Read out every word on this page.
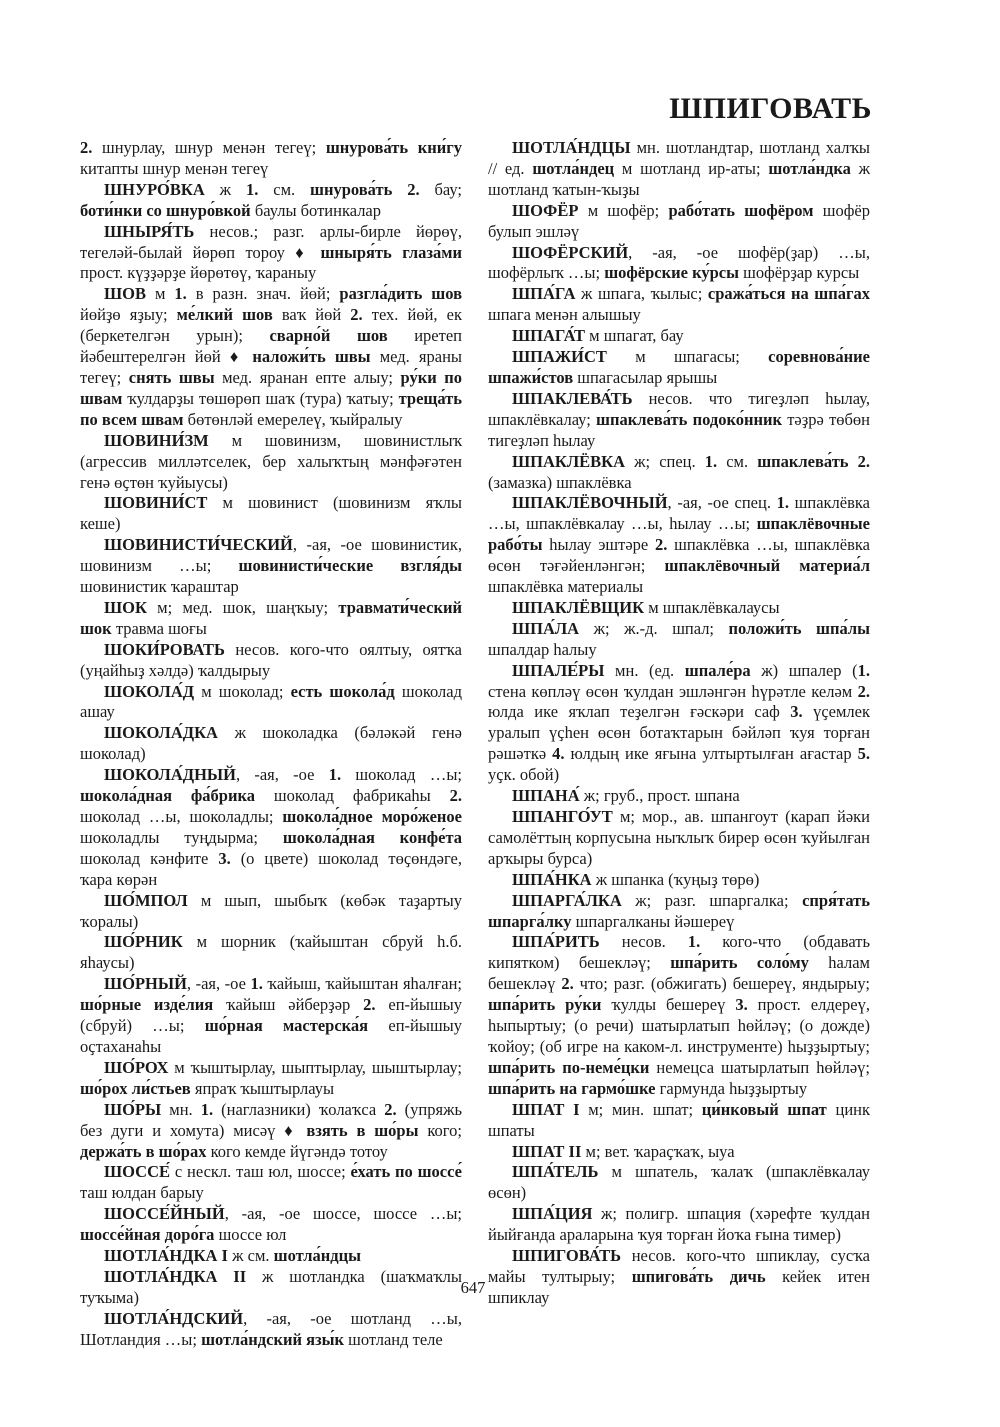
ШПИГОВАТЬ

2. шнурлау, шнур менән тегеү; шнурова́ть кни́гу китапты шнур менән тегеү

ШНУРО́ВКА ж 1. см. шнурова́ть 2. бау; боти́нки со шнуро́вкой баулы ботинкалар

ШНЫРЯ́ТЬ несов.; разг. арлы-бирле йөрөү, тегеләй-былай йөрөп тороу ♦ шныря́ть глаза́ми прост. күҙҙәрҙе йөрөтөү, ҡараныу

ШОВ м 1. в разн. знач. йөй; разгла́дить шов йөйҙө яҙыу; ме́лкий шов ваҡ йөй 2. тех. йөй, ек (беркетелгән урын); сварно́й шов иретеп йәбештерелгән йөй ♦ наложи́ть швы мед. яраны тегеү; снять швы мед. яранан епте алыу; ру́ки по швам ҡулдарҙы төшөрөп шаҡ (тура) ҡатыу; треща́ть по всем швам бөтөнләй емерелеү, ҡыйралыу

ШОВИНИ́ЗМ м шовинизм, шовинистлыҡ (агрессив милләтселек, бер халыҡтың мәнфәғәтен генә өҫтөн ҡуйыусы)

ШОВИНИ́СТ м шовинист (шовинизм яҡлы кеше)

ШОВИНИСТИ́ЧЕСКИЙ, -ая, -ое шовинистик, шовинизм …ы; шовинисти́ческие взгля́ды шовинистик ҡараштар

ШОК м; мед. шок, шаңҡыу; травмати́ческий шок травма шоғы

ШОКИ́РОВАТЬ несов. кого-что оялтыу, оятҡа (уңайһыҙ хәлдә) ҡалдырыу

ШОКОЛА́Д м шоколад; есть шокола́д шоколад ашау

ШОКОЛА́ДКА ж шоколадка (бәләкәй генә шоколад)

ШОКОЛА́ДНЫЙ, -ая, -ое 1. шоколад …ы; шокола́дная фа́брика шоколад фабрикаһы 2. шоколад …ы, шоколадлы; шокола́дное моро́женое шоколадлы туңдырма; шокола́дная конфе́та шоколад кәнфите 3. (о цвете) шоколад төҫөндәге, ҡара көрән

ШО́МПОЛ м шып, шыбыҡ (көбәк таҙартыу ҡоралы)

ШО́РНИК м шорник (ҡайыштан сбруй һ.б. яһаусы)

ШО́РНЫЙ, -ая, -ое 1. ҡайыш, ҡайыштан яһалған; шо́рные изде́лия ҡайыш әйберҙәр 2. еп-йышыу (сбруй) …ы; шо́рная мастерска́я еп-йышыу оҫтаханаһы

ШО́РОХ м ҡыштырлау, шыптырлау, шыштырлау; шо́рох ли́стьев япраҡ ҡыштырлауы

ШО́РЫ мн. 1. (наглазники) ҡолаҡса 2. (упряжь без дуги и хомута) мисәү ♦ взять в шо́ры кого; держа́ть в шо́рах кого кемде йүгәндә тотоу

ШОССЕ́ с нескл. таш юл, шоссе; е́хать по шоссе́ таш юлдан барыу

ШОССЕ́ЙНЫЙ, -ая, -ое шоссе, шоссе …ы; шоссе́йная доро́га шоссе юл

ШОТЛА́НДКА I ж см. шотла́ндцы

ШОТЛА́НДКА II ж шотландка (шаҡмаҡлы туҡыма)

ШОТЛА́НДСКИЙ, -ая, -ое шотланд …ы, Шотландия …ы; шотла́ндский язы́к шотланд теле

ШОТЛА́НДЦЫ мн. шотландтар, шотланд халҡы // ед. шотла́ндец м шотланд ир-аты; шотла́ндка ж шотланд ҡатын-ҡыҙы

ШОФЁР м шофёр; рабо́тать шофёром шофёр булып эшләү

ШОФЁРСКИЙ, -ая, -ое шофёр(ҙар) …ы, шофёрлыҡ …ы; шофёрские ку́рсы шофёрҙар курсы

ШПА́ГА ж шпага, ҡылыс; сража́ться на шпа́гах шпага менән алышыу

ШПАГА́Т м шпагат, бау

ШПАЖИ́СТ м шпагасы; соревнова́ние шпажи́стов шпагасылар ярышы

ШПАКЛЕВА́ТЬ несов. что тигеҙләп һылау, шпаклёвкалау; шпаклева́ть подоко́нник тәҙрә төбөн тигеҙләп һылау

ШПАКЛЁВКА ж; спец. 1. см. шпаклева́ть 2. (замазка) шпаклёвка

ШПАКЛЁВОЧНЫЙ, -ая, -ое спец. 1. шпаклёвка …ы, шпаклёвкалау …ы, һылау …ы; шпаклёвочные рабо́ты һылау эштәре 2. шпаклёвка …ы, шпаклёвка өсөн тәғәйенләнгән; шпаклёвочный материа́л шпаклёвка материалы

ШПАКЛЁВЩИК м шпаклёвкалаусы

ШПА́ЛА ж; ж.-д. шпал; положи́ть шпа́лы шпалдар һалыу

ШПАЛЕ́РЫ мн. (ед. шпале́ра ж) шпалер (1. стена көпләү өсөн ҡулдан эшләнгән һүрәтле келәм 2. юлда ике яҡлап теҙелгән ғәскәри саф 3. үҫемлек уралып үҫһен өсөн ботаҡтарын бәйләп ҡуя торған рәшәткә 4. юлдың ике яғына ултыртылған ағастар 5. уҫк. обой)

ШПАНА́ ж; груб., прост. шпана

ШПАНГО́УТ м; мор., ав. шпангоут (карап йәки самолёттың корпусына ныҡлыҡ бирер өсөн ҡуйылған арҡыры бурса)

ШПА́НКА ж шпанка (ҡуңыҙ төрө)

ШПАРГА́ЛКА ж; разг. шпаргалка; спря́тать шпарга́лку шпаргалканы йәшереү

ШПА́РИТЬ несов. 1. кого-что (обдавать кипятком) бешекләү; шпа́рить соло́му һалам бешекләү 2. что; разг. (обжигать) бешереү, яндырыу; шпа́рить ру́ки ҡулды бешереү 3. прост. елдереү, һыпыртыу; (о речи) шатырлатып һөйләү; (о дожде) ҡойоу; (об игре на каком-л. инструменте) һыҙҙыртыу; шпа́рить по-неме́цки немецса шатырлатып һөйләү; шпа́рить на гармо́шке гармунда һыҙҙыртыу

ШПАТ I м; мин. шпат; ци́нковый шпат цинк шпаты

ШПАТ II м; вет. ҡараҫҡаҡ, ыуа

ШПА́ТЕЛЬ м шпатель, ҡалаҡ (шпаклёвкалау өсөн)

ШПА́ЦИЯ ж; полигр. шпация (хәрефте ҡулдан йыйғанда араларына ҡуя торған йоҡа ғына тимер)

ШПИГОВА́ТЬ несов. кого-что шпиклау, сусҡа майы тултырыу; шпигова́ть дичь кейек итен шпиклау

647
